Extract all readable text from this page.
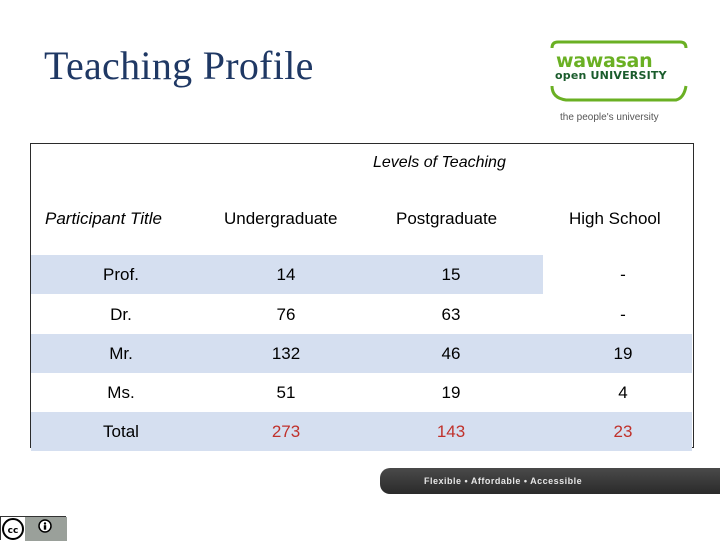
Teaching Profile	wawasan
open UNIVERSITY
the people's university
Levels of Teaching
Participant Title	Undergraduate	Postgraduate	High School
Prof.	14	15	-
Dr.	76	63	-
Mr.	132	46	19
Ms.	51	19	4
Total	273	143	23
Flexible • Affordable • Accessible
cc
